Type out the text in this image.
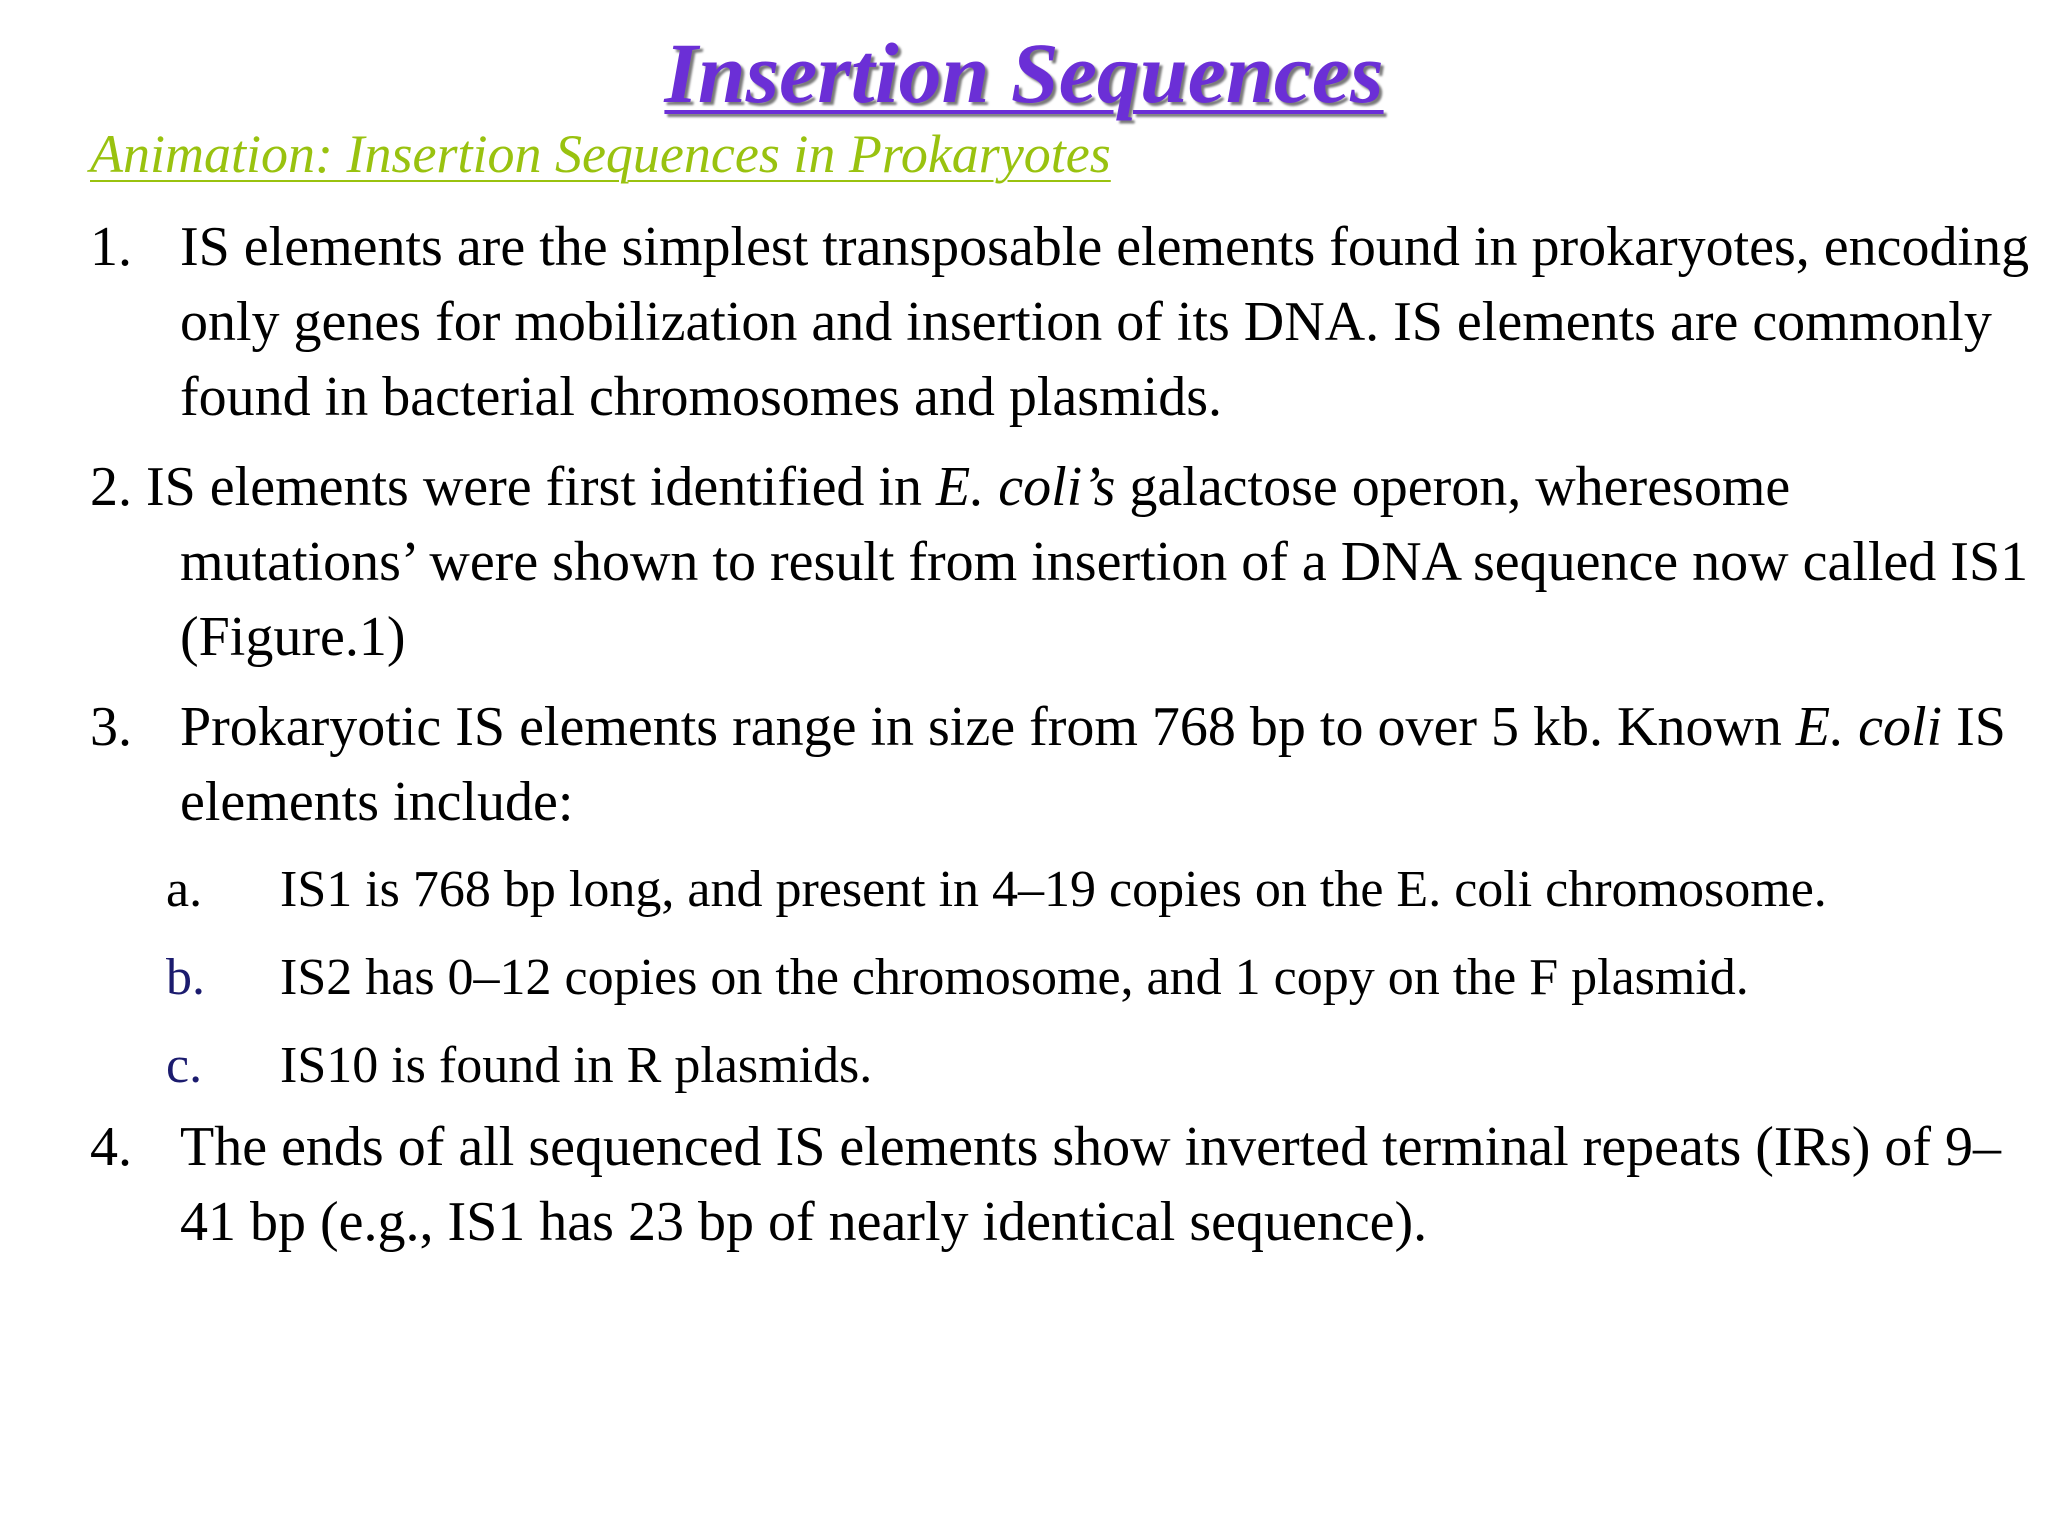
Insertion Sequences
Animation: Insertion Sequences in Prokaryotes
1. IS elements are the simplest transposable elements found in prokaryotes, encoding only genes for mobilization and insertion of its DNA. IS elements are commonly found in bacterial chromosomes and plasmids.
2. IS elements were first identified in E. coli’s galactose operon, wheresome mutations’ were shown to result from insertion of a DNA sequence now called IS1 (Figure.1)
3. Prokaryotic IS elements range in size from 768 bp to over 5 kb. Known E. coli IS elements include:
a.	IS1 is 768 bp long, and present in 4–19 copies on the E. coli chromosome.
b.	IS2 has 0–12 copies on the chromosome, and 1 copy on the F plasmid.
c.	IS10 is found in R plasmids.
4. The ends of all sequenced IS elements show inverted terminal repeats (IRs) of 9–41 bp (e.g., IS1 has 23 bp of nearly identical sequence).
